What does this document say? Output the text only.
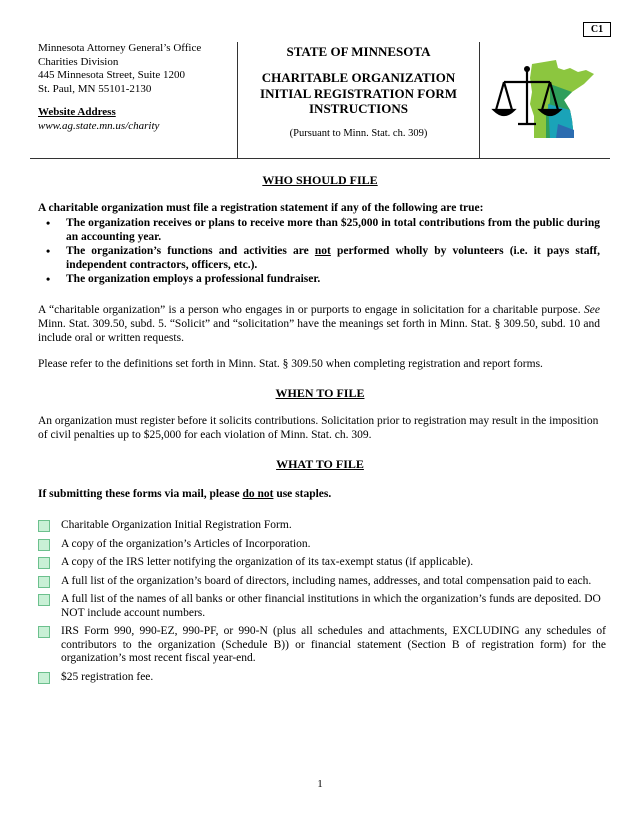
C1
Minnesota Attorney General’s Office
Charities Division
445 Minnesota Street, Suite 1200
St. Paul, MN 55101-2130
Website Address
www.ag.state.mn.us/charity
STATE OF MINNESOTA
CHARITABLE ORGANIZATION
INITIAL REGISTRATION FORM
INSTRUCTIONS
(Pursuant to Minn. Stat. ch. 309)
WHO SHOULD FILE
A charitable organization must file a registration statement if any of the following are true:
• The organization receives or plans to receive more than $25,000 in total contributions from the public during an accounting year.
• The organization’s functions and activities are not performed wholly by volunteers (i.e. it pays staff, independent contractors, officers, etc.).
• The organization employs a professional fundraiser.
A “charitable organization” is a person who engages in or purports to engage in solicitation for a charitable purpose. See Minn. Stat. 309.50, subd. 5. “Solicit” and “solicitation” have the meanings set forth in Minn. Stat. § 309.50, subd. 10 and include oral or written requests.
Please refer to the definitions set forth in Minn. Stat. § 309.50 when completing registration and report forms.
WHEN TO FILE
An organization must register before it solicits contributions. Solicitation prior to registration may result in the imposition of civil penalties up to $25,000 for each violation of Minn. Stat. ch. 309.
WHAT TO FILE
If submitting these forms via mail, please do not use staples.
Charitable Organization Initial Registration Form.
A copy of the organization’s Articles of Incorporation.
A copy of the IRS letter notifying the organization of its tax-exempt status (if applicable).
A full list of the organization’s board of directors, including names, addresses, and total compensation paid to each.
A full list of the names of all banks or other financial institutions in which the organization’s funds are deposited. DO NOT include account numbers.
IRS Form 990, 990-EZ, 990-PF, or 990-N (plus all schedules and attachments, EXCLUDING any schedules of contributors to the organization (Schedule B)) or financial statement (Section B of registration form) for the organization’s most recent fiscal year-end.
$25 registration fee.
1
